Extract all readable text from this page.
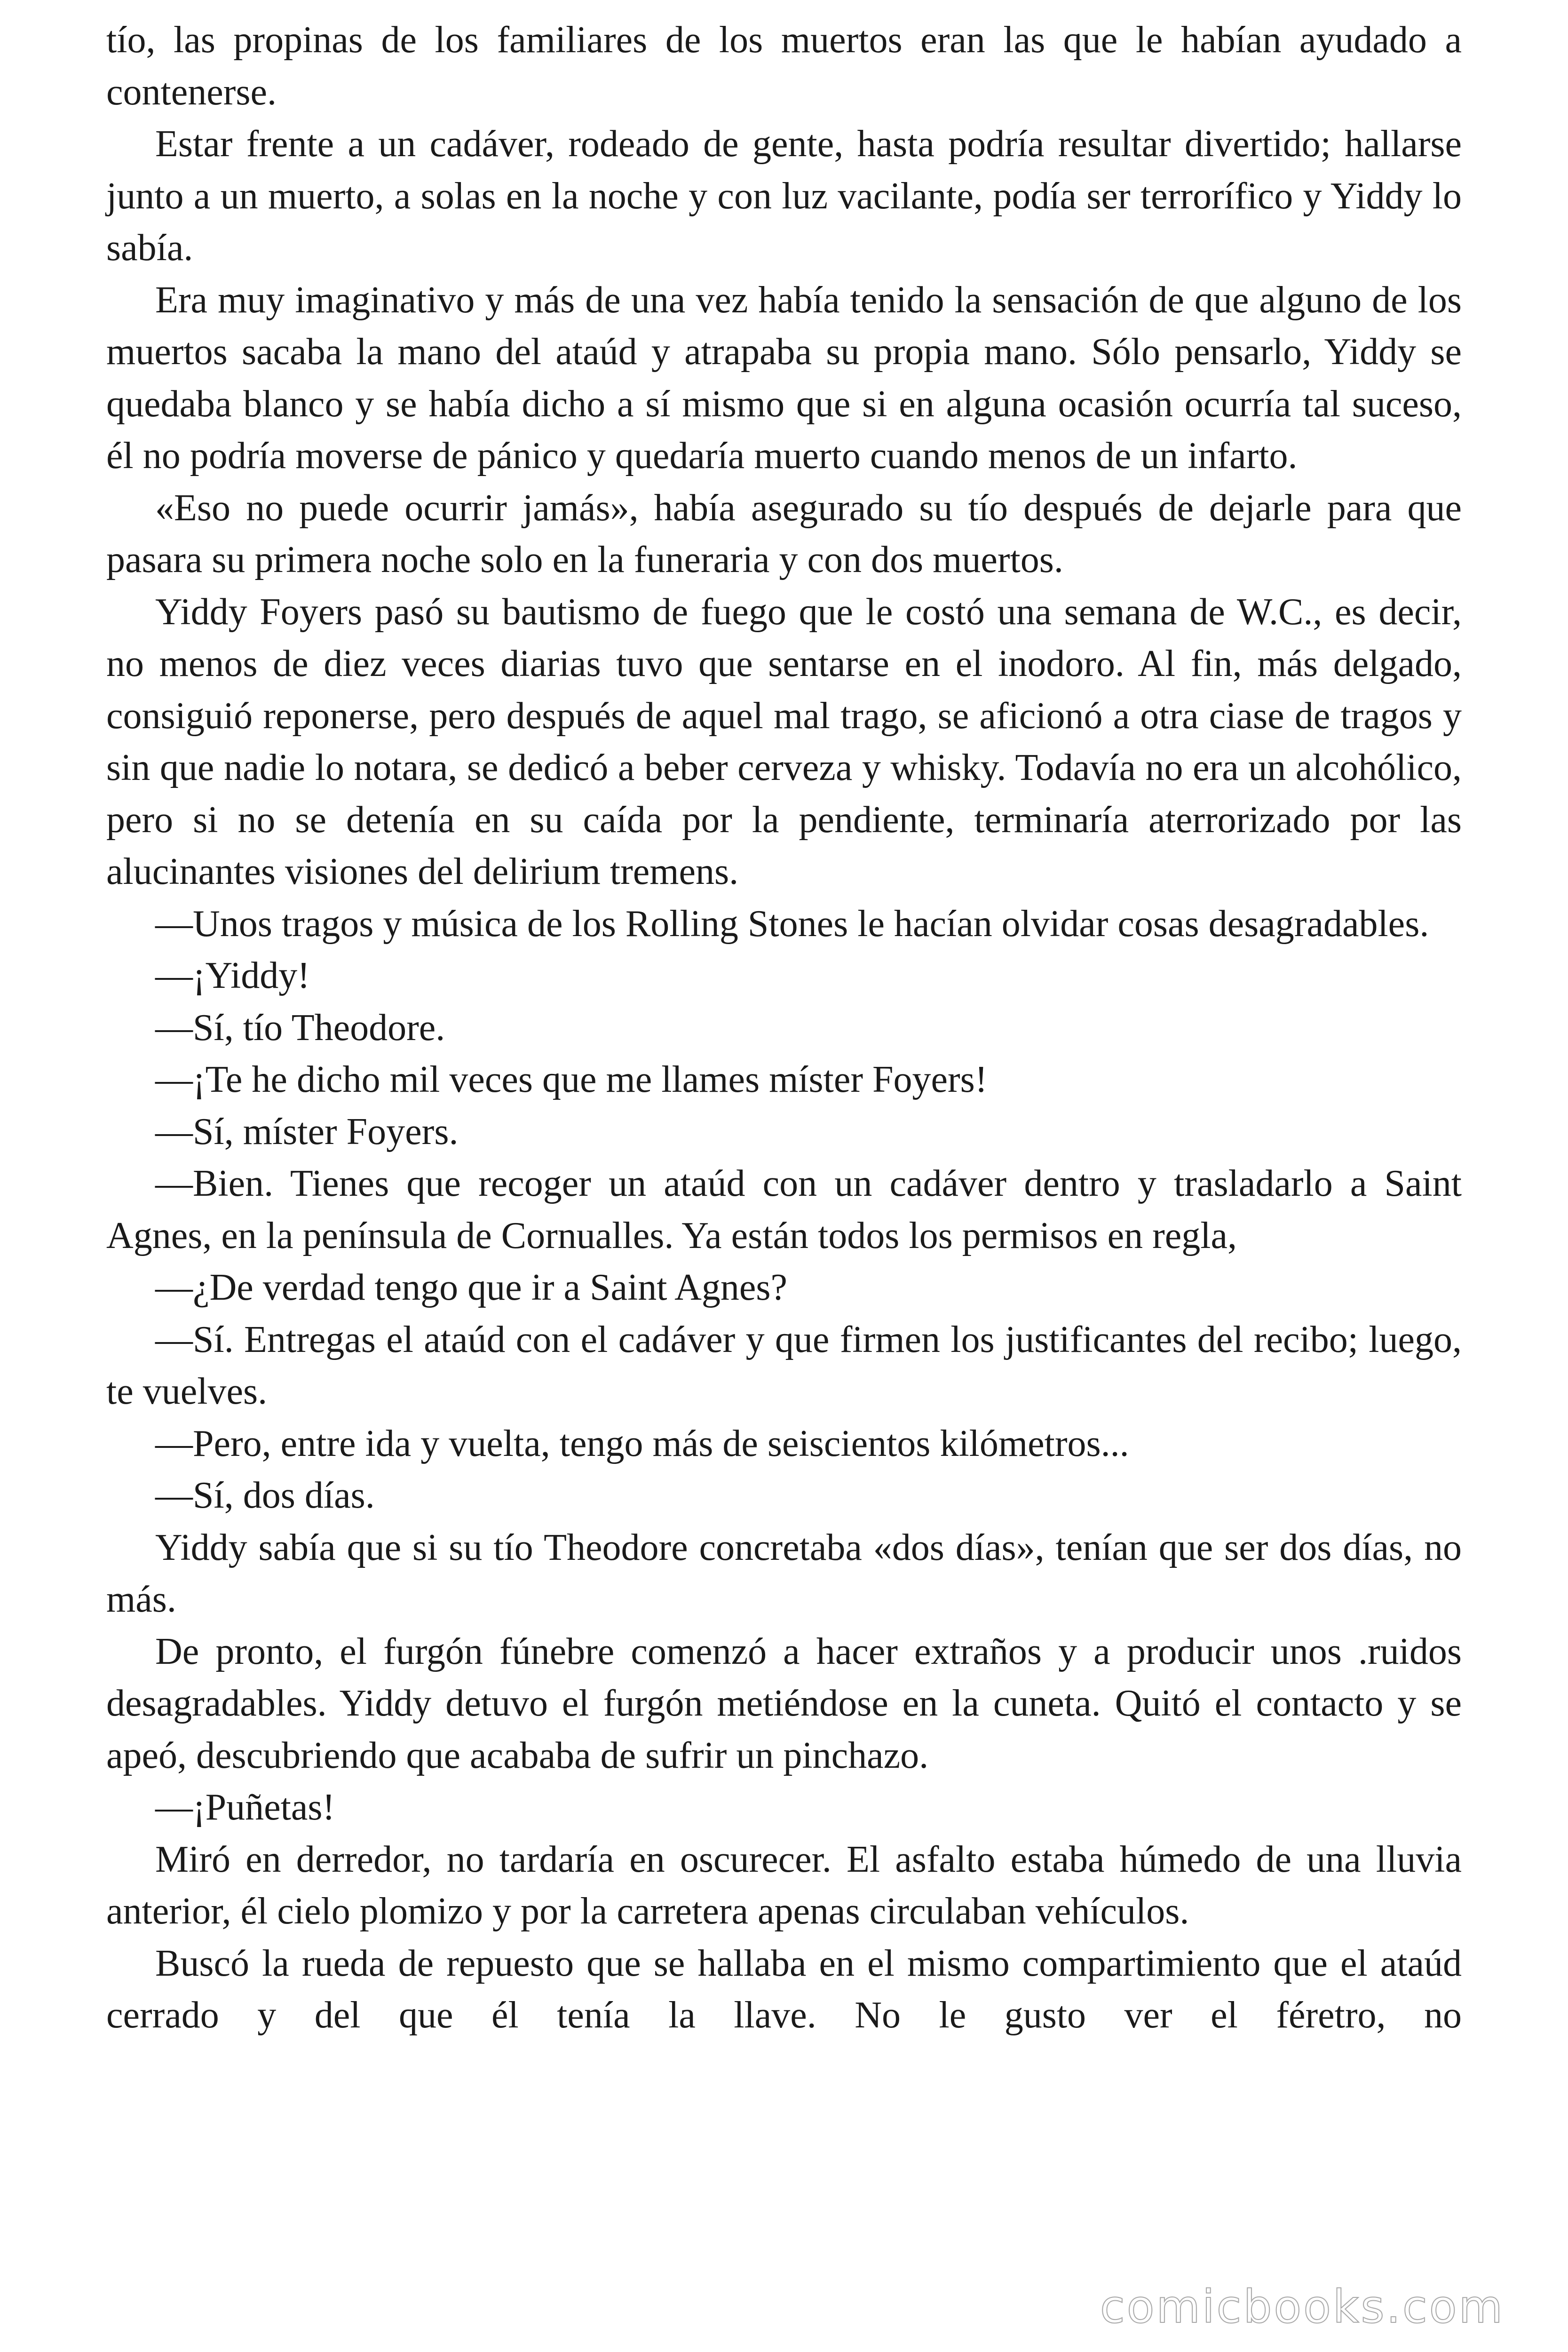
tío, las propinas de los familiares de los muertos eran las que le habían ayudado a contenerse.

Estar frente a un cadáver, rodeado de gente, hasta podría resultar divertido; hallarse junto a un muerto, a solas en la noche y con luz vacilante, podía ser terrorífico y Yiddy lo sabía.

Era muy imaginativo y más de una vez había tenido la sensación de que alguno de los muertos sacaba la mano del ataúd y atrapaba su propia mano. Sólo pensarlo, Yiddy se quedaba blanco y se había dicho a sí mismo que si en alguna ocasión ocurría tal suceso, él no podría moverse de pánico y quedaría muerto cuando menos de un infarto.

«Eso no puede ocurrir jamás», había asegurado su tío después de dejarle para que pasara su primera noche solo en la funeraria y con dos muertos.

Yiddy Foyers pasó su bautismo de fuego que le costó una semana de W.C., es decir, no menos de diez veces diarias tuvo que sentarse en el inodoro. Al fin, más delgado, consiguió reponerse, pero después de aquel mal trago, se aficionó a otra ciase de tragos y sin que nadie lo notara, se dedicó a beber cerveza y whisky. Todavía no era un alcohólico, pero si no se detenía en su caída por la pendiente, terminaría aterrorizado por las alucinantes visiones del delirium tremens.

—Unos tragos y música de los Rolling Stones le hacían olvidar cosas desagradables.

—¡Yiddy!

—Sí, tío Theodore.

—¡Te he dicho mil veces que me llames míster Foyers!

—Sí, míster Foyers.

—Bien. Tienes que recoger un ataúd con un cadáver dentro y trasladarlo a Saint Agnes, en la península de Cornualles. Ya están todos los permisos en regla,

—¿De verdad tengo que ir a Saint Agnes?

—Sí. Entregas el ataúd con el cadáver y que firmen los justificantes del recibo; luego, te vuelves.

—Pero, entre ida y vuelta, tengo más de seiscientos kilómetros...

—Sí, dos días.

Yiddy sabía que si su tío Theodore concretaba «dos días», tenían que ser dos días, no más.

De pronto, el furgón fúnebre comenzó a hacer extraños y a producir unos .ruidos desagradables. Yiddy detuvo el furgón metiéndose en la cuneta. Quitó el contacto y se apeó, descubriendo que acababa de sufrir un pinchazo.

—¡Puñetas!

Miró en derredor, no tardaría en oscurecer. El asfalto estaba húmedo de una lluvia anterior, él cielo plomizo y por la carretera apenas circulaban vehículos.

Buscó la rueda de repuesto que se hallaba en el mismo compartimiento que el ataúd cerrado y del que él tenía la llave. No le gusto ver el féretro, no

comicbooks.com
